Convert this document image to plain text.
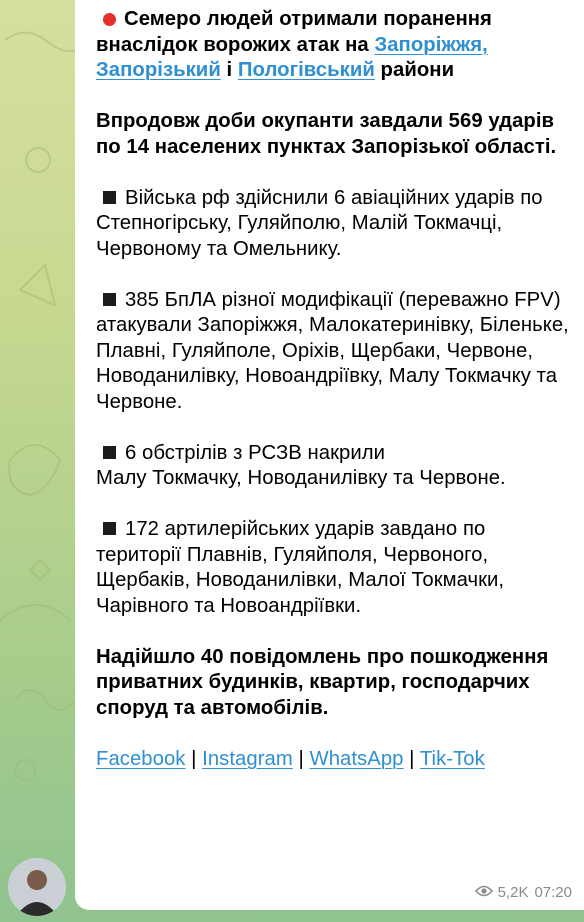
Семеро людей отримали поранення внаслідок ворожих атак на Запоріжжя, Запорізький і Пологівський райони
Впродовж доби окупанти завдали 569 ударів по 14 населених пунктах Запорізької області.
Війська рф здійснили 6 авіаційних ударів по Степногірську, Гуляйполю, Малій Токмачці, Червоному та Омельнику.
385 БпЛА різної модифікації (переважно FPV) атакували Запоріжжя, Малокатеринівку, Біленьке, Плавні, Гуляйполе, Оріхів, Щербаки, Червоне, Новоданилівку, Новоандріївку, Малу Токмачку та Червоне.
6 обстрілів з РСЗВ накрили
Малу Токмачку, Новоданилівку та Червоне.
172 артилерійських ударів завдано по території Плавнів, Гуляйполя, Червоного, Щербаків, Новоданилівки, Малої Токмачки, Чарівного та Новоандріївки.
Надійшло 40 повідомлень про пошкодження приватних будинків, квартир, господарчих споруд та автомобілів.
Facebook | Instagram | WhatsApp | Tik-Tok
5,2K 07:20
